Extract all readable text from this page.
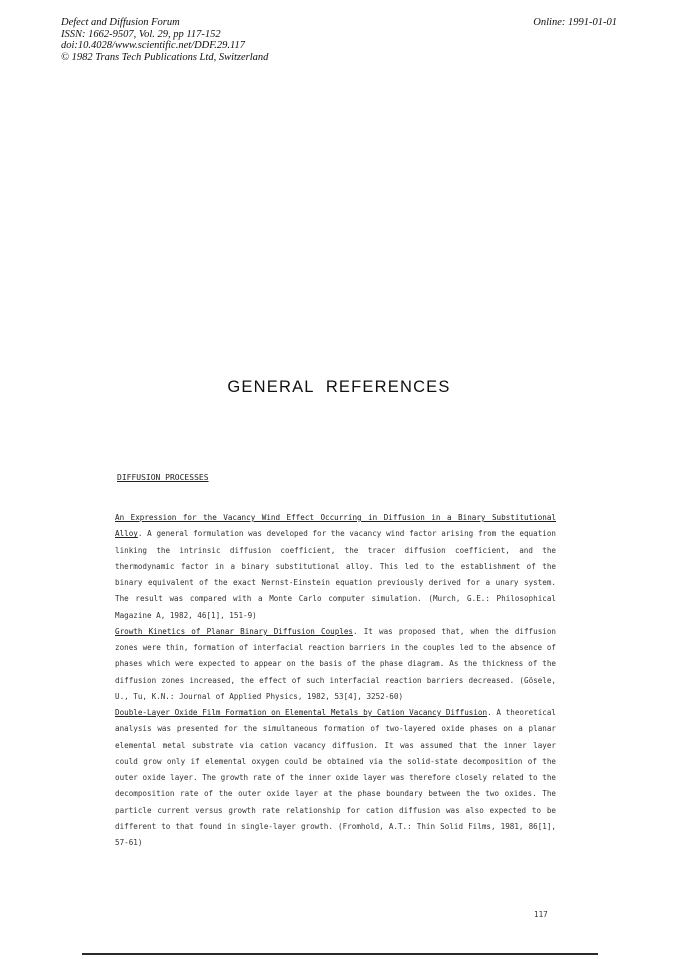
Defect and Diffusion Forum
ISSN: 1662-9507, Vol. 29, pp 117-152
doi:10.4028/www.scientific.net/DDF.29.117
© 1982 Trans Tech Publications Ltd, Switzerland
Online: 1991-01-01
GENERAL REFERENCES
DIFFUSION PROCESSES

An Expression for the Vacancy Wind Effect Occurring in Diffusion in a Binary Substitutional Alloy. A general formulation was developed for the vacancy wind factor arising from the equation linking the intrinsic diffusion coefficient, the tracer diffusion coefficient, and the thermodynamic factor in a binary substitutional alloy. This led to the establishment of the binary equivalent of the exact Nernst-Einstein equation previously derived for a unary system. The result was compared with a Monte Carlo computer simulation. (Murch, G.E.: Philosophical Magazine A, 1982, 46[1], 151-9)

Growth Kinetics of Planar Binary Diffusion Couples. It was proposed that, when the diffusion zones were thin, formation of interfacial reaction barriers in the couples led to the absence of phases which were expected to appear on the basis of the phase diagram. As the thickness of the diffusion zones increased, the effect of such interfacial reaction barriers decreased. (Gösele, U., Tu, K.N.: Journal of Applied Physics, 1982, 53[4], 3252-60)

Double-Layer Oxide Film Formation on Elemental Metals by Cation Vacancy Diffusion. A theoretical analysis was presented for the simultaneous formation of two-layered oxide phases on a planar elemental metal substrate via cation vacancy diffusion. It was assumed that the inner layer could grow only if elemental oxygen could be obtained via the solid-state decomposition of the outer oxide layer. The growth rate of the inner oxide layer was therefore closely related to the decomposition rate of the outer oxide layer at the phase boundary between the two oxides. The particle current versus growth rate relationship for cation diffusion was also expected to be different to that found in single-layer growth. (Fromhold, A.T.: Thin Solid Films, 1981, 86[1], 57-61)

117
